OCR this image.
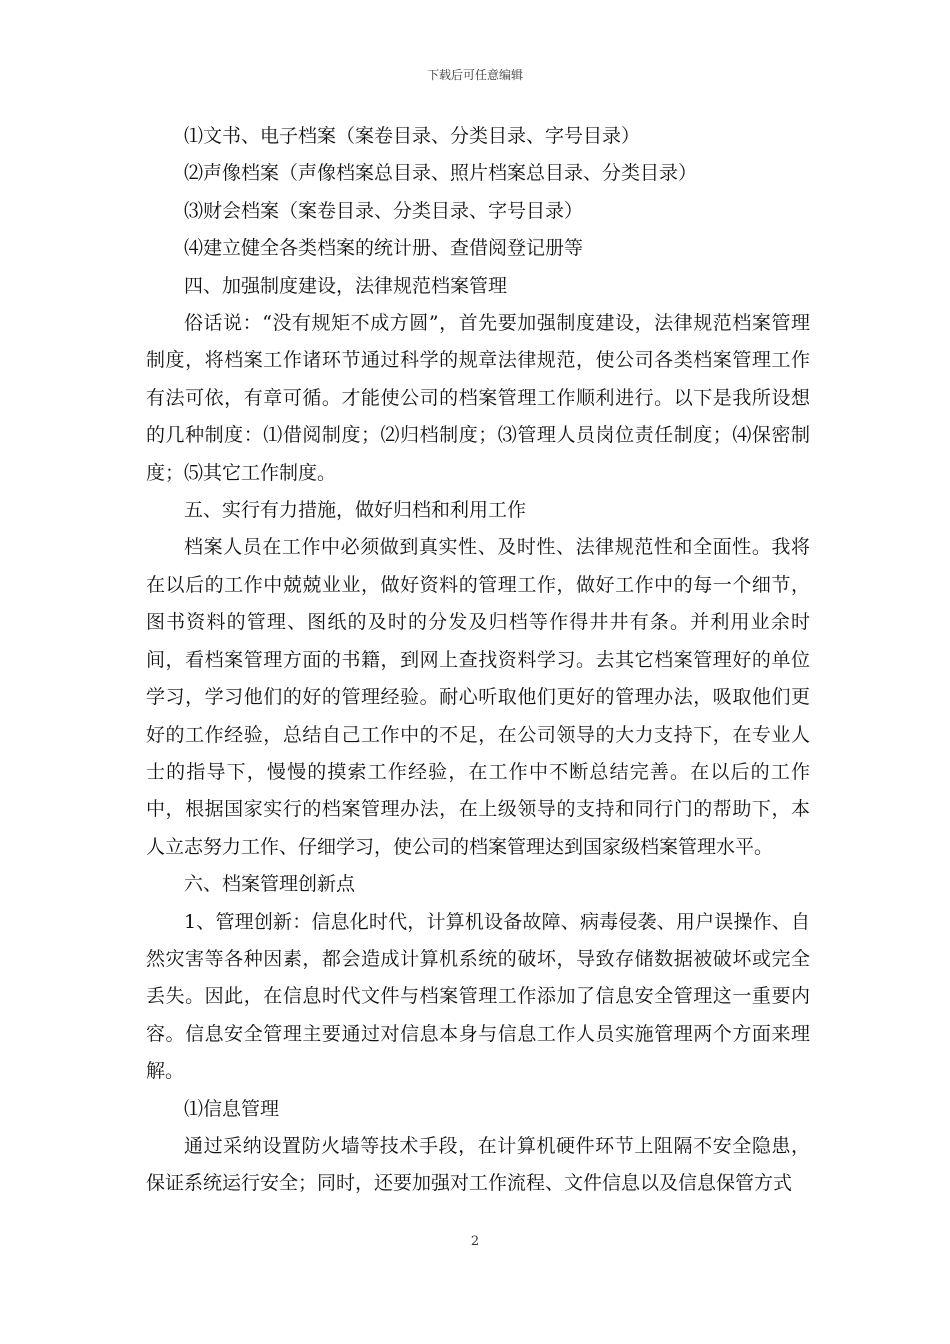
下载后可任意编辑

⑴文书、电子档案（案卷目录、分类目录、字号目录）

⑵声像档案（声像档案总目录、照片档案总目录、分类目录）

⑶财会档案（案卷目录、分类目录、字号目录）

⑷建立健全各类档案的统计册、查借阅登记册等

四、加强制度建设，法律规范档案管理

俗话说：“没有规矩不成方圆”，首先要加强制度建设，法律规范档案管理制度，将档案工作诸环节通过科学的规章法律规范，使公司各类档案管理工作有法可依，有章可循。才能使公司的档案管理工作顺利进行。以下是我所设想的几种制度：⑴借阅制度；⑵归档制度；⑶管理人员岗位责任制度；⑷保密制度；⑸其它工作制度。

五、实行有力措施，做好归档和利用工作

档案人员在工作中必须做到真实性、及时性、法律规范性和全面性。我将在以后的工作中兢兢业业，做好资料的管理工作，做好工作中的每一个细节，图书资料的管理、图纸的及时的分发及归档等作得井井有条。并利用业余时间，看档案管理方面的书籍，到网上查找资料学习。去其它档案管理好的单位学习，学习他们的好的管理经验。耐心听取他们更好的管理办法，吸取他们更好的工作经验，总结自己工作中的不足，在公司领导的大力支持下，在专业人士的指导下，慢慢的摸索工作经验，在工作中不断总结完善。在以后的工作中，根据国家实行的档案管理办法，在上级领导的支持和同行门的帮助下，本人立志努力工作、仔细学习，使公司的档案管理达到国家级档案管理水平。

六、档案管理创新点

1、管理创新：信息化时代，计算机设备故障、病毒侵袭、用户误操作、自然灾害等各种因素，都会造成计算机系统的破坏，导致存储数据被破坏或完全丢失。因此，在信息时代文件与档案管理工作添加了信息安全管理这一重要内容。信息安全管理主要通过对信息本身与信息工作人员实施管理两个方面来理解。

⑴信息管理

通过采纳设置防火墙等技术手段，在计算机硬件环节上阻隔不安全隐患，保证系统运行安全；同时，还要加强对工作流程、文件信息以及信息保管方式

2
